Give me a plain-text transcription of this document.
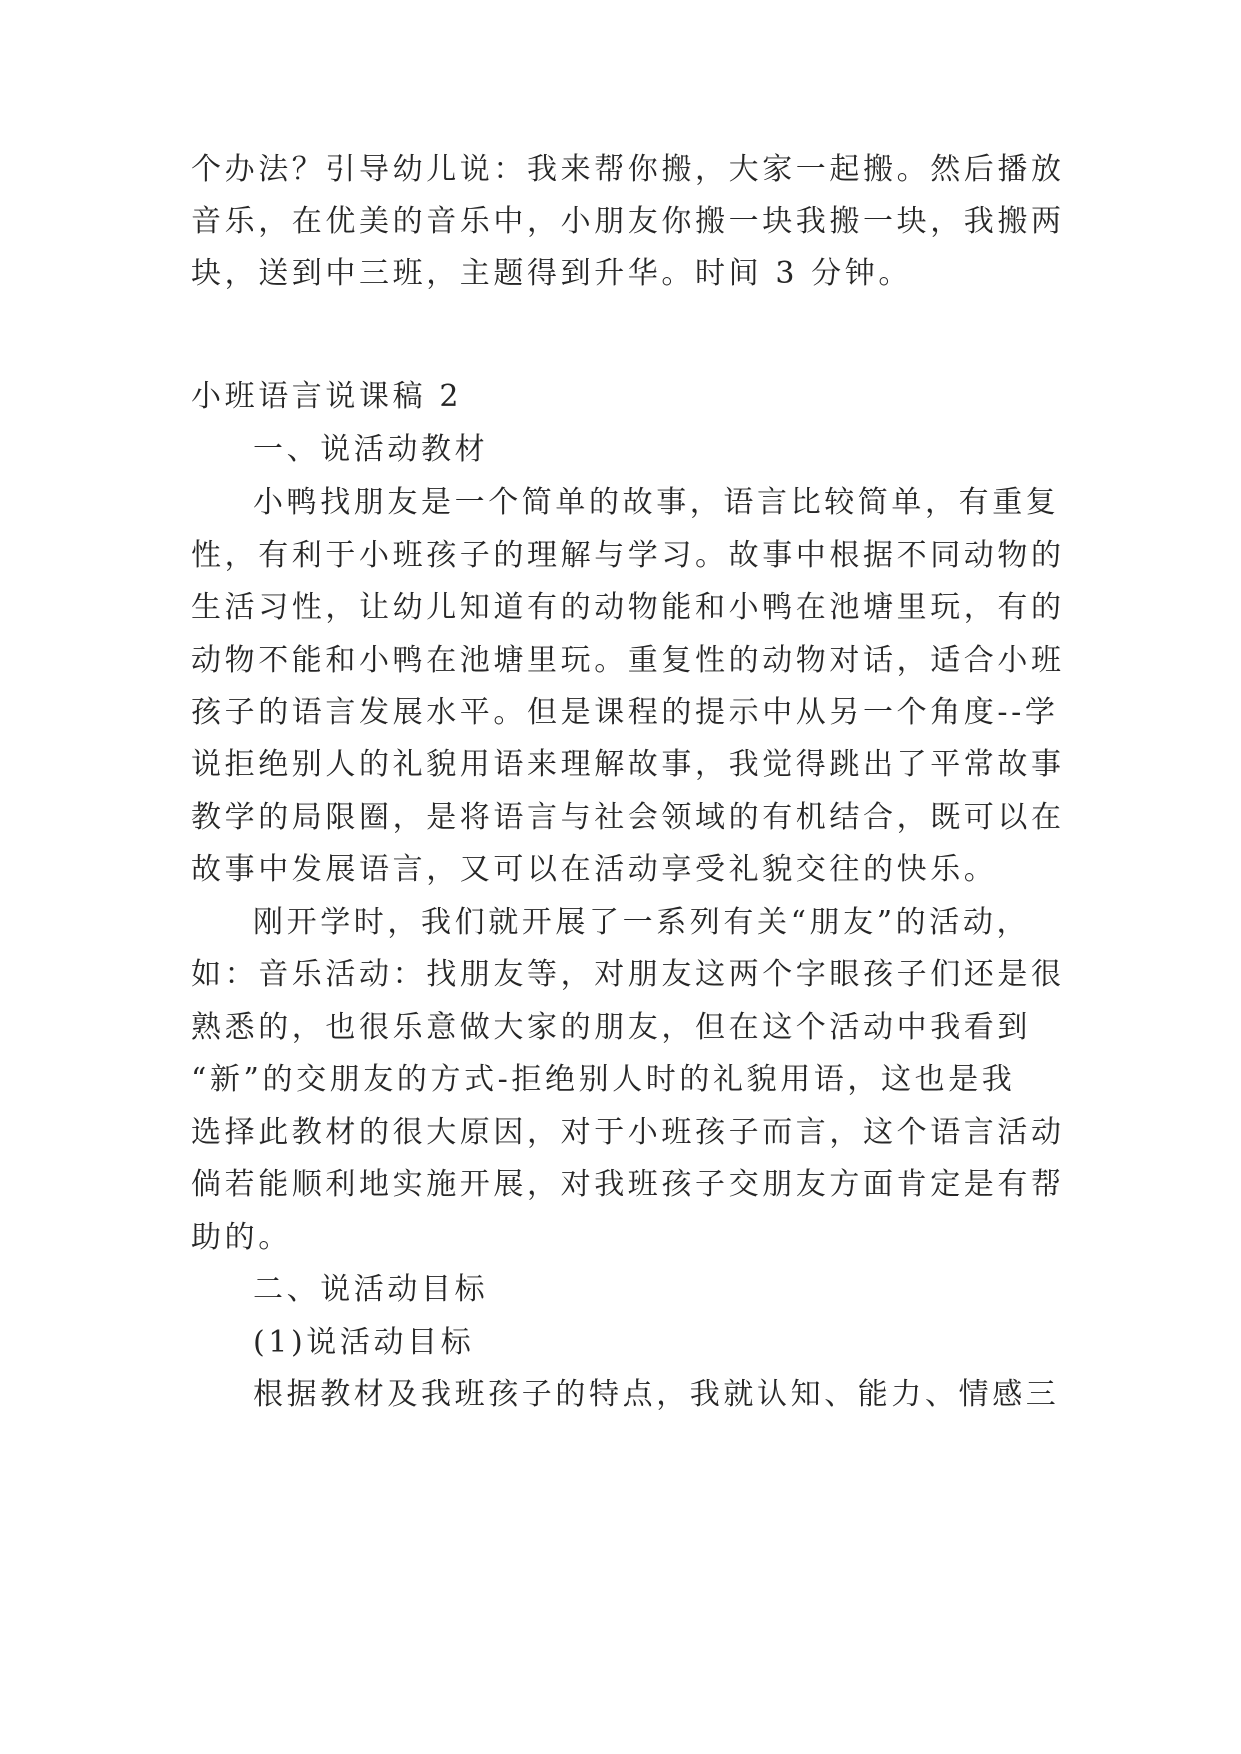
个办法？引导幼儿说：我来帮你搬，大家一起搬。然后播放
音乐，在优美的音乐中，小朋友你搬一块我搬一块，我搬两
块，送到中三班，主题得到升华。时间 3 分钟。
小班语言说课稿 2
一、说活动教材
小鸭找朋友是一个简单的故事，语言比较简单，有重复
性，有利于小班孩子的理解与学习。故事中根据不同动物的
生活习性，让幼儿知道有的动物能和小鸭在池塘里玩，有的
动物不能和小鸭在池塘里玩。重复性的动物对话，适合小班
孩子的语言发展水平。但是课程的提示中从另一个角度--学
说拒绝别人的礼貌用语来理解故事，我觉得跳出了平常故事
教学的局限圈，是将语言与社会领域的有机结合，既可以在
故事中发展语言，又可以在活动享受礼貌交往的快乐。
刚开学时，我们就开展了一系列有关“朋友”的活动，
如：音乐活动：找朋友等，对朋友这两个字眼孩子们还是很
熟悉的，也很乐意做大家的朋友，但在这个活动中我看到
“新”的交朋友的方式-拒绝别人时的礼貌用语，这也是我
选择此教材的很大原因，对于小班孩子而言，这个语言活动
倘若能顺利地实施开展，对我班孩子交朋友方面肯定是有帮
助的。
二、说活动目标
(1)说活动目标
根据教材及我班孩子的特点，我就认知、能力、情感三
